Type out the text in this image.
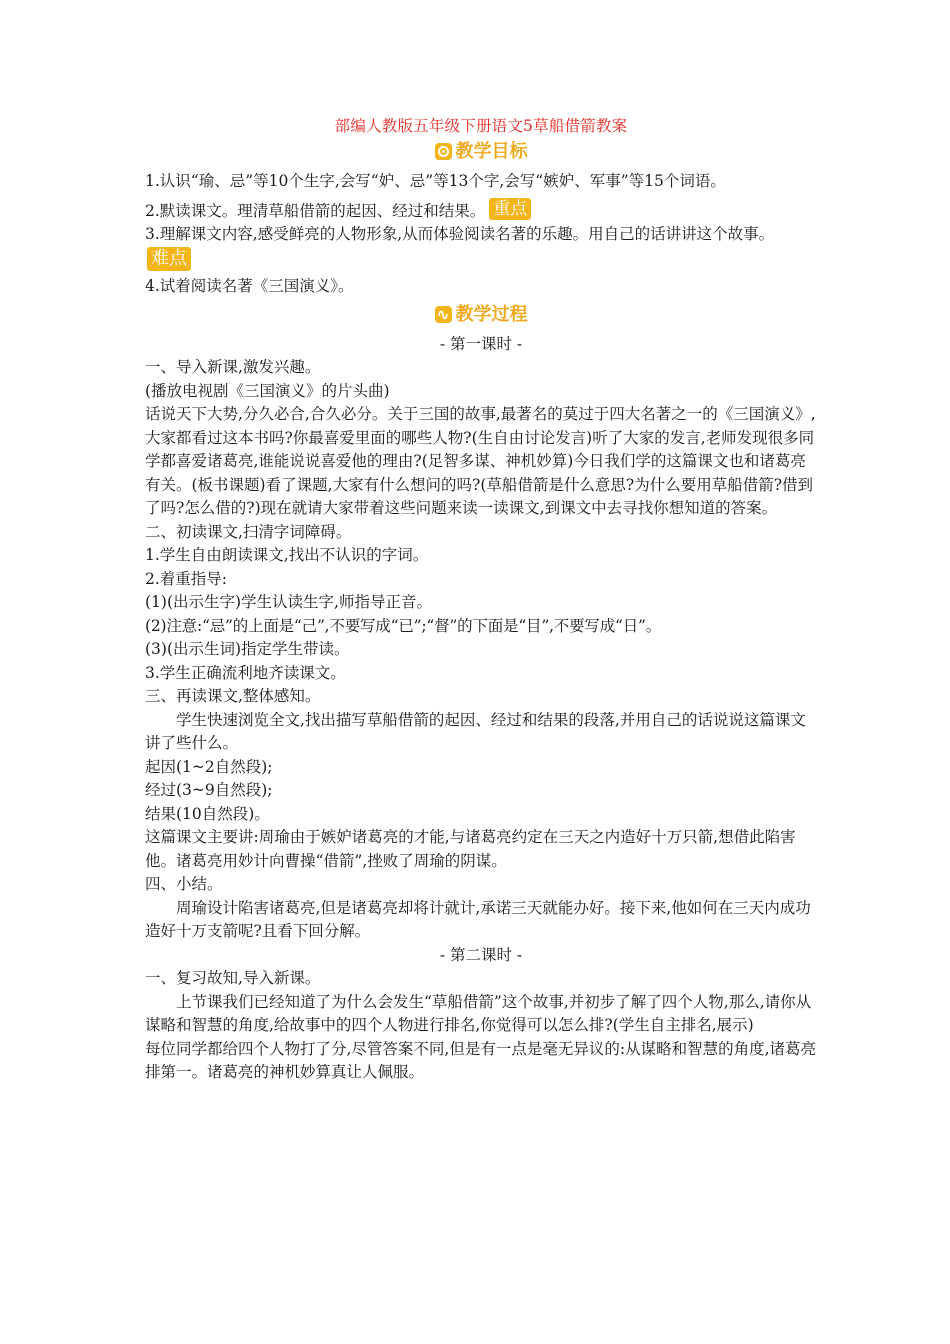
部编人教版五年级下册语文5草船借箭教案

教学目标

1.认识“瑜、忌”等10个生字,会写“妒、忌”等13个字,会写“嫉妒、军事”等15个词语。

2.默读课文。理清草船借箭的起因、经过和结果。 重点

3.理解课文内容,感受鲜亮的人物形象,从而体验阅读名著的乐趣。用自己的话讲讲这个故事。难点

4.试着阅读名著《三国演义》。

∿
教学过程

- 第一课时 -

一、导入新课,激发兴趣。

(播放电视剧《三国演义》的片头曲)

话说天下大势,分久必合,合久必分。关于三国的故事,最著名的莫过于四大名著之一的《三国演义》,大家都看过这本书吗?你最喜爱里面的哪些人物?(生自由讨论发言)听了大家的发言,老师发现很多同学都喜爱诸葛亮,谁能说说喜爱他的理由?(足智多谋、神机妙算)今日我们学的这篇课文也和诸葛亮有关。(板书课题)看了课题,大家有什么想问的吗?(草船借箭是什么意思?为什么要用草船借箭?借到了吗?怎么借的?)现在就请大家带着这些问题来读一读课文,到课文中去寻找你想知道的答案。

二、初读课文,扫清字词障碍。

1.学生自由朗读课文,找出不认识的字词。

2.着重指导:

(1)(出示生字)学生认读生字,师指导正音。

(2)注意:“忌”的上面是“己”,不要写成“已”;“督”的下面是“目”,不要写成“日”。

(3)(出示生词)指定学生带读。

3.学生正确流利地齐读课文。

三、再读课文,整体感知。

学生快速浏览全文,找出描写草船借箭的起因、经过和结果的段落,并用自己的话说说这篇课文讲了些什么。

起因(1~2自然段);

经过(3~9自然段);

结果(10自然段)。

这篇课文主要讲:周瑜由于嫉妒诸葛亮的才能,与诸葛亮约定在三天之内造好十万只箭,想借此陷害他。诸葛亮用妙计向曹操“借箭”,挫败了周瑜的阴谋。

四、小结。

周瑜设计陷害诸葛亮,但是诸葛亮却将计就计,承诺三天就能办好。接下来,他如何在三天内成功造好十万支箭呢?且看下回分解。

- 第二课时 -

一、复习故知,导入新课。

上节课我们已经知道了为什么会发生“草船借箭”这个故事,并初步了解了四个人物,那么,请你从谋略和智慧的角度,给故事中的四个人物进行排名,你觉得可以怎么排?(学生自主排名,展示)

每位同学都给四个人物打了分,尽管答案不同,但是有一点是毫无异议的:从谋略和智慧的角度,诸葛亮排第一。诸葛亮的神机妙算真让人佩服。
